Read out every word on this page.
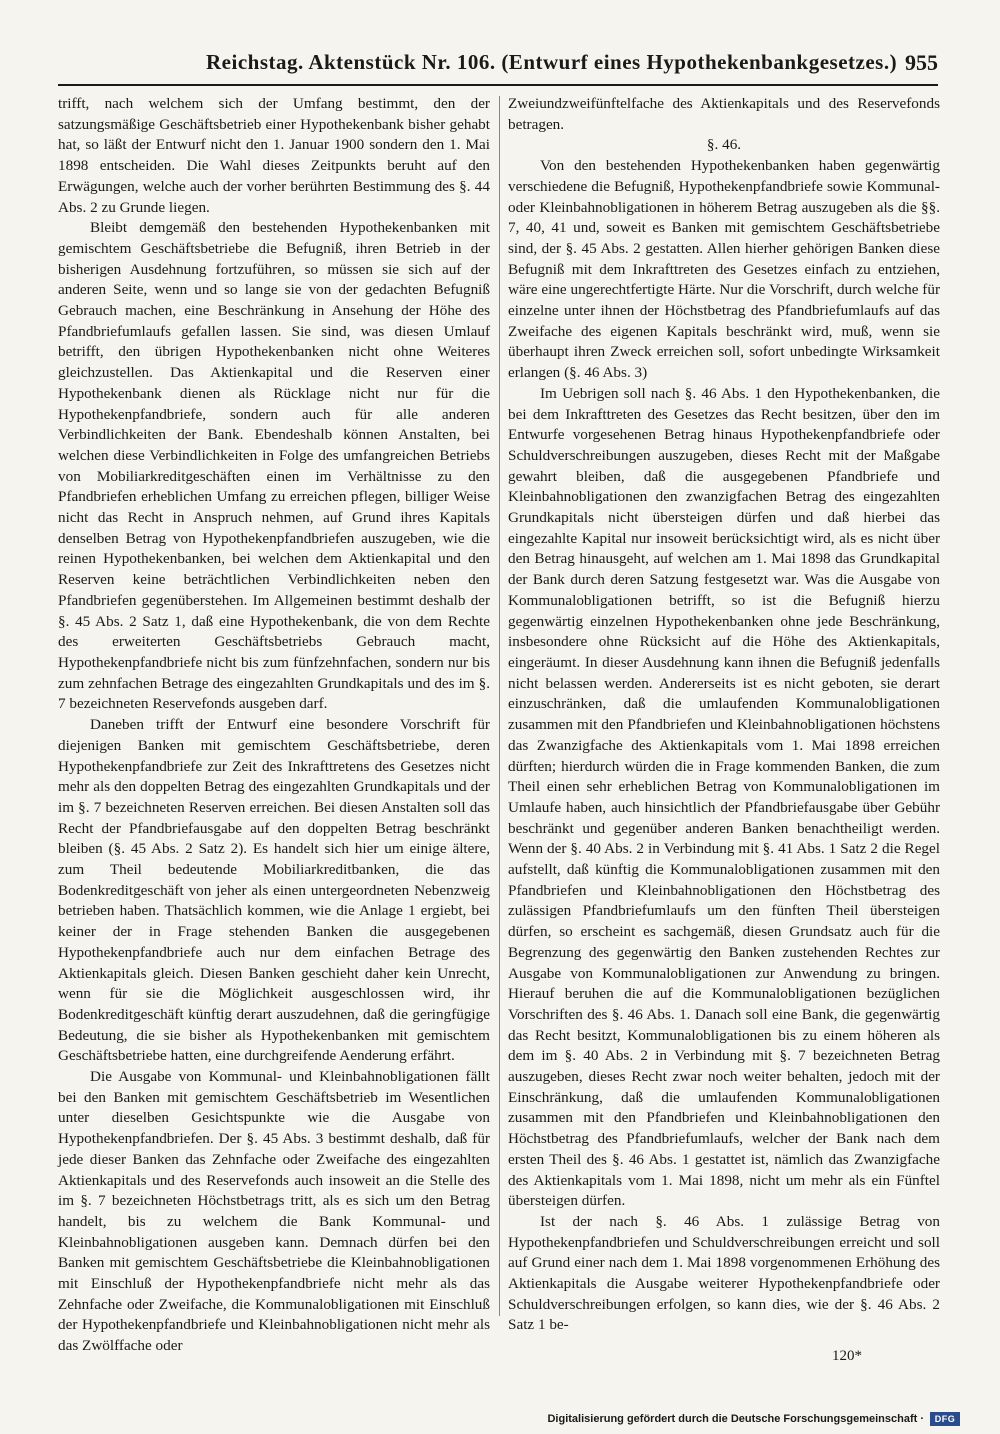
Reichstag. Aktenstück Nr. 106. (Entwurf eines Hypothekenbankgesetzes.) 955

trifft, nach welchem sich der Umfang bestimmt, den der satzungsmäßige Geschäftsbetrieb einer Hypothekenbank bisher gehabt hat, so läßt der Entwurf nicht den 1. Januar 1900 sondern den 1. Mai 1898 entscheiden. Die Wahl dieses Zeitpunkts beruht auf den Erwägungen, welche auch der vorher berührten Bestimmung des §. 44 Abs. 2 zu Grunde liegen.

Bleibt demgemäß den bestehenden Hypothekenbanken mit gemischtem Geschäftsbetriebe die Befugniß, ihren Betrieb in der bisherigen Ausdehnung fortzuführen, so müssen sie sich auf der anderen Seite, wenn und so lange sie von der gedachten Befugniß Gebrauch machen, eine Beschränkung in Ansehung der Höhe des Pfandbriefumlaufs gefallen lassen. Sie sind, was diesen Umlauf betrifft, den übrigen Hypothekenbanken nicht ohne Weiteres gleichzustellen. Das Aktienkapital und die Reserven einer Hypothekenbank dienen als Rücklage nicht nur für die Hypothekenpfandbriefe, sondern auch für alle anderen Verbindlichkeiten der Bank. Ebendeshalb können Anstalten, bei welchen diese Verbindlichkeiten in Folge des umfangreichen Betriebs von Mobiliarkreditgeschäften einen im Verhältnisse zu den Pfandbriefen erheblichen Umfang zu erreichen pflegen, billiger Weise nicht das Recht in Anspruch nehmen, auf Grund ihres Kapitals denselben Betrag von Hypothekenpfandbriefen auszugeben, wie die reinen Hypothekenbanken, bei welchen dem Aktienkapital und den Reserven keine beträchtlichen Verbindlichkeiten neben den Pfandbriefen gegenüberstehen. Im Allgemeinen bestimmt deshalb der §. 45 Abs. 2 Satz 1, daß eine Hypothekenbank, die von dem Rechte des erweiterten Geschäftsbetriebs Gebrauch macht, Hypothekenpfandbriefe nicht bis zum fünfzehnfachen, sondern nur bis zum zehnfachen Betrage des eingezahlten Grundkapitals und des im §. 7 bezeichneten Reservefonds ausgeben darf.

Daneben trifft der Entwurf eine besondere Vorschrift für diejenigen Banken mit gemischtem Geschäftsbetriebe, deren Hypothekenpfandbriefe zur Zeit des Inkrafttretens des Gesetzes nicht mehr als den doppelten Betrag des eingezahlten Grundkapitals und der im §. 7 bezeichneten Reserven erreichen. Bei diesen Anstalten soll das Recht der Pfandbriefausgabe auf den doppelten Betrag beschränkt bleiben (§. 45 Abs. 2 Satz 2). Es handelt sich hier um einige ältere, zum Theil bedeutende Mobiliarkreditbanken, die das Bodenkreditgeschäft von jeher als einen untergeordneten Nebenzweig betrieben haben. Thatsächlich kommen, wie die Anlage 1 ergiebt, bei keiner der in Frage stehenden Banken die ausgegebenen Hypothekenpfandbriefe auch nur dem einfachen Betrage des Aktienkapitals gleich. Diesen Banken geschieht daher kein Unrecht, wenn für sie die Möglichkeit ausgeschlossen wird, ihr Bodenkreditgeschäft künftig derart auszudehnen, daß die geringfügige Bedeutung, die sie bisher als Hypothekenbanken mit gemischtem Geschäftsbetriebe hatten, eine durchgreifende Aenderung erfährt.

Die Ausgabe von Kommunal- und Kleinbahnobligationen fällt bei den Banken mit gemischtem Geschäftsbetrieb im Wesentlichen unter dieselben Gesichtspunkte wie die Ausgabe von Hypothekenpfandbriefen. Der §. 45 Abs. 3 bestimmt deshalb, daß für jede dieser Banken das Zehnfache oder Zweifache des eingezahlten Aktienkapitals und des Reservefonds auch insoweit an die Stelle des im §. 7 bezeichneten Höchstbetrags tritt, als es sich um den Betrag handelt, bis zu welchem die Bank Kommunal- und Kleinbahnobligationen ausgeben kann. Demnach dürfen bei den Banken mit gemischtem Geschäftsbetriebe die Kleinbahnobligationen mit Einschluß der Hypothekenpfandbriefe nicht mehr als das Zehnfache oder Zweifache, die Kommunalobligationen mit Einschluß der Hypothekenpfandbriefe und Kleinbahnobligationen nicht mehr als das Zwölffache oder

Zweiundzweifünftelfache des Aktienkapitals und des Reservefonds betragen.

§. 46.

Von den bestehenden Hypothekenbanken haben gegenwärtig verschiedene die Befugniß, Hypothekenpfandbriefe sowie Kommunal- oder Kleinbahnobligationen in höherem Betrag auszugeben als die §§. 7, 40, 41 und, soweit es Banken mit gemischtem Geschäftsbetriebe sind, der §. 45 Abs. 2 gestatten. Allen hierher gehörigen Banken diese Befugniß mit dem Inkrafttreten des Gesetzes einfach zu entziehen, wäre eine ungerechtfertigte Härte. Nur die Vorschrift, durch welche für einzelne unter ihnen der Höchstbetrag des Pfandbriefumlaufs auf das Zweifache des eigenen Kapitals beschränkt wird, muß, wenn sie überhaupt ihren Zweck erreichen soll, sofort unbedingte Wirksamkeit erlangen (§. 46 Abs. 3)

Im Uebrigen soll nach §. 46 Abs. 1 den Hypothekenbanken, die bei dem Inkrafttreten des Gesetzes das Recht besitzen, über den im Entwurfe vorgesehenen Betrag hinaus Hypothekenpfandbriefe oder Schuldverschreibungen auszugeben, dieses Recht mit der Maßgabe gewahrt bleiben, daß die ausgegebenen Pfandbriefe und Kleinbahnobligationen den zwanzigfachen Betrag des eingezahlten Grundkapitals nicht übersteigen dürfen und daß hierbei das eingezahlte Kapital nur insoweit berücksichtigt wird, als es nicht über den Betrag hinausgeht, auf welchen am 1. Mai 1898 das Grundkapital der Bank durch deren Satzung festgesetzt war. Was die Ausgabe von Kommunalobligationen betrifft, so ist die Befugniß hierzu gegenwärtig einzelnen Hypothekenbanken ohne jede Beschränkung, insbesondere ohne Rücksicht auf die Höhe des Aktienkapitals, eingeräumt. In dieser Ausdehnung kann ihnen die Befugniß jedenfalls nicht belassen werden. Andererseits ist es nicht geboten, sie derart einzuschränken, daß die umlaufenden Kommunalobligationen zusammen mit den Pfandbriefen und Kleinbahnobligationen höchstens das Zwanzigfache des Aktienkapitals vom 1. Mai 1898 erreichen dürften; hierdurch würden die in Frage kommenden Banken, die zum Theil einen sehr erheblichen Betrag von Kommunalobligationen im Umlaufe haben, auch hinsichtlich der Pfandbriefausgabe über Gebühr beschränkt und gegenüber anderen Banken benachtheiligt werden. Wenn der §. 40 Abs. 2 in Verbindung mit §. 41 Abs. 1 Satz 2 die Regel aufstellt, daß künftig die Kommunalobligationen zusammen mit den Pfandbriefen und Kleinbahnobligationen den Höchstbetrag des zulässigen Pfandbriefumlaufs um den fünften Theil übersteigen dürfen, so erscheint es sachgemäß, diesen Grundsatz auch für die Begrenzung des gegenwärtig den Banken zustehenden Rechtes zur Ausgabe von Kommunalobligationen zur Anwendung zu bringen. Hierauf beruhen die auf die Kommunalobligationen bezüglichen Vorschriften des §. 46 Abs. 1. Danach soll eine Bank, die gegenwärtig das Recht besitzt, Kommunalobligationen bis zu einem höheren als dem im §. 40 Abs. 2 in Verbindung mit §. 7 bezeichneten Betrag auszugeben, dieses Recht zwar noch weiter behalten, jedoch mit der Einschränkung, daß die umlaufenden Kommunalobligationen zusammen mit den Pfandbriefen und Kleinbahnobligationen den Höchstbetrag des Pfandbriefumlaufs, welcher der Bank nach dem ersten Theil des §. 46 Abs. 1 gestattet ist, nämlich das Zwanzigfache des Aktienkapitals vom 1. Mai 1898, nicht um mehr als ein Fünftel übersteigen dürfen.

Ist der nach §. 46 Abs. 1 zulässige Betrag von Hypothekenpfandbriefen und Schuldverschreibungen erreicht und soll auf Grund einer nach dem 1. Mai 1898 vorgenommenen Erhöhung des Aktienkapitals die Ausgabe weiterer Hypothekenpfandbriefe oder Schuldverschreibungen erfolgen, so kann dies, wie der §. 46 Abs. 2 Satz 1 be-

120*
Digitalisierung gefördert durch die Deutsche Forschungsgemeinschaft ·	DFG
